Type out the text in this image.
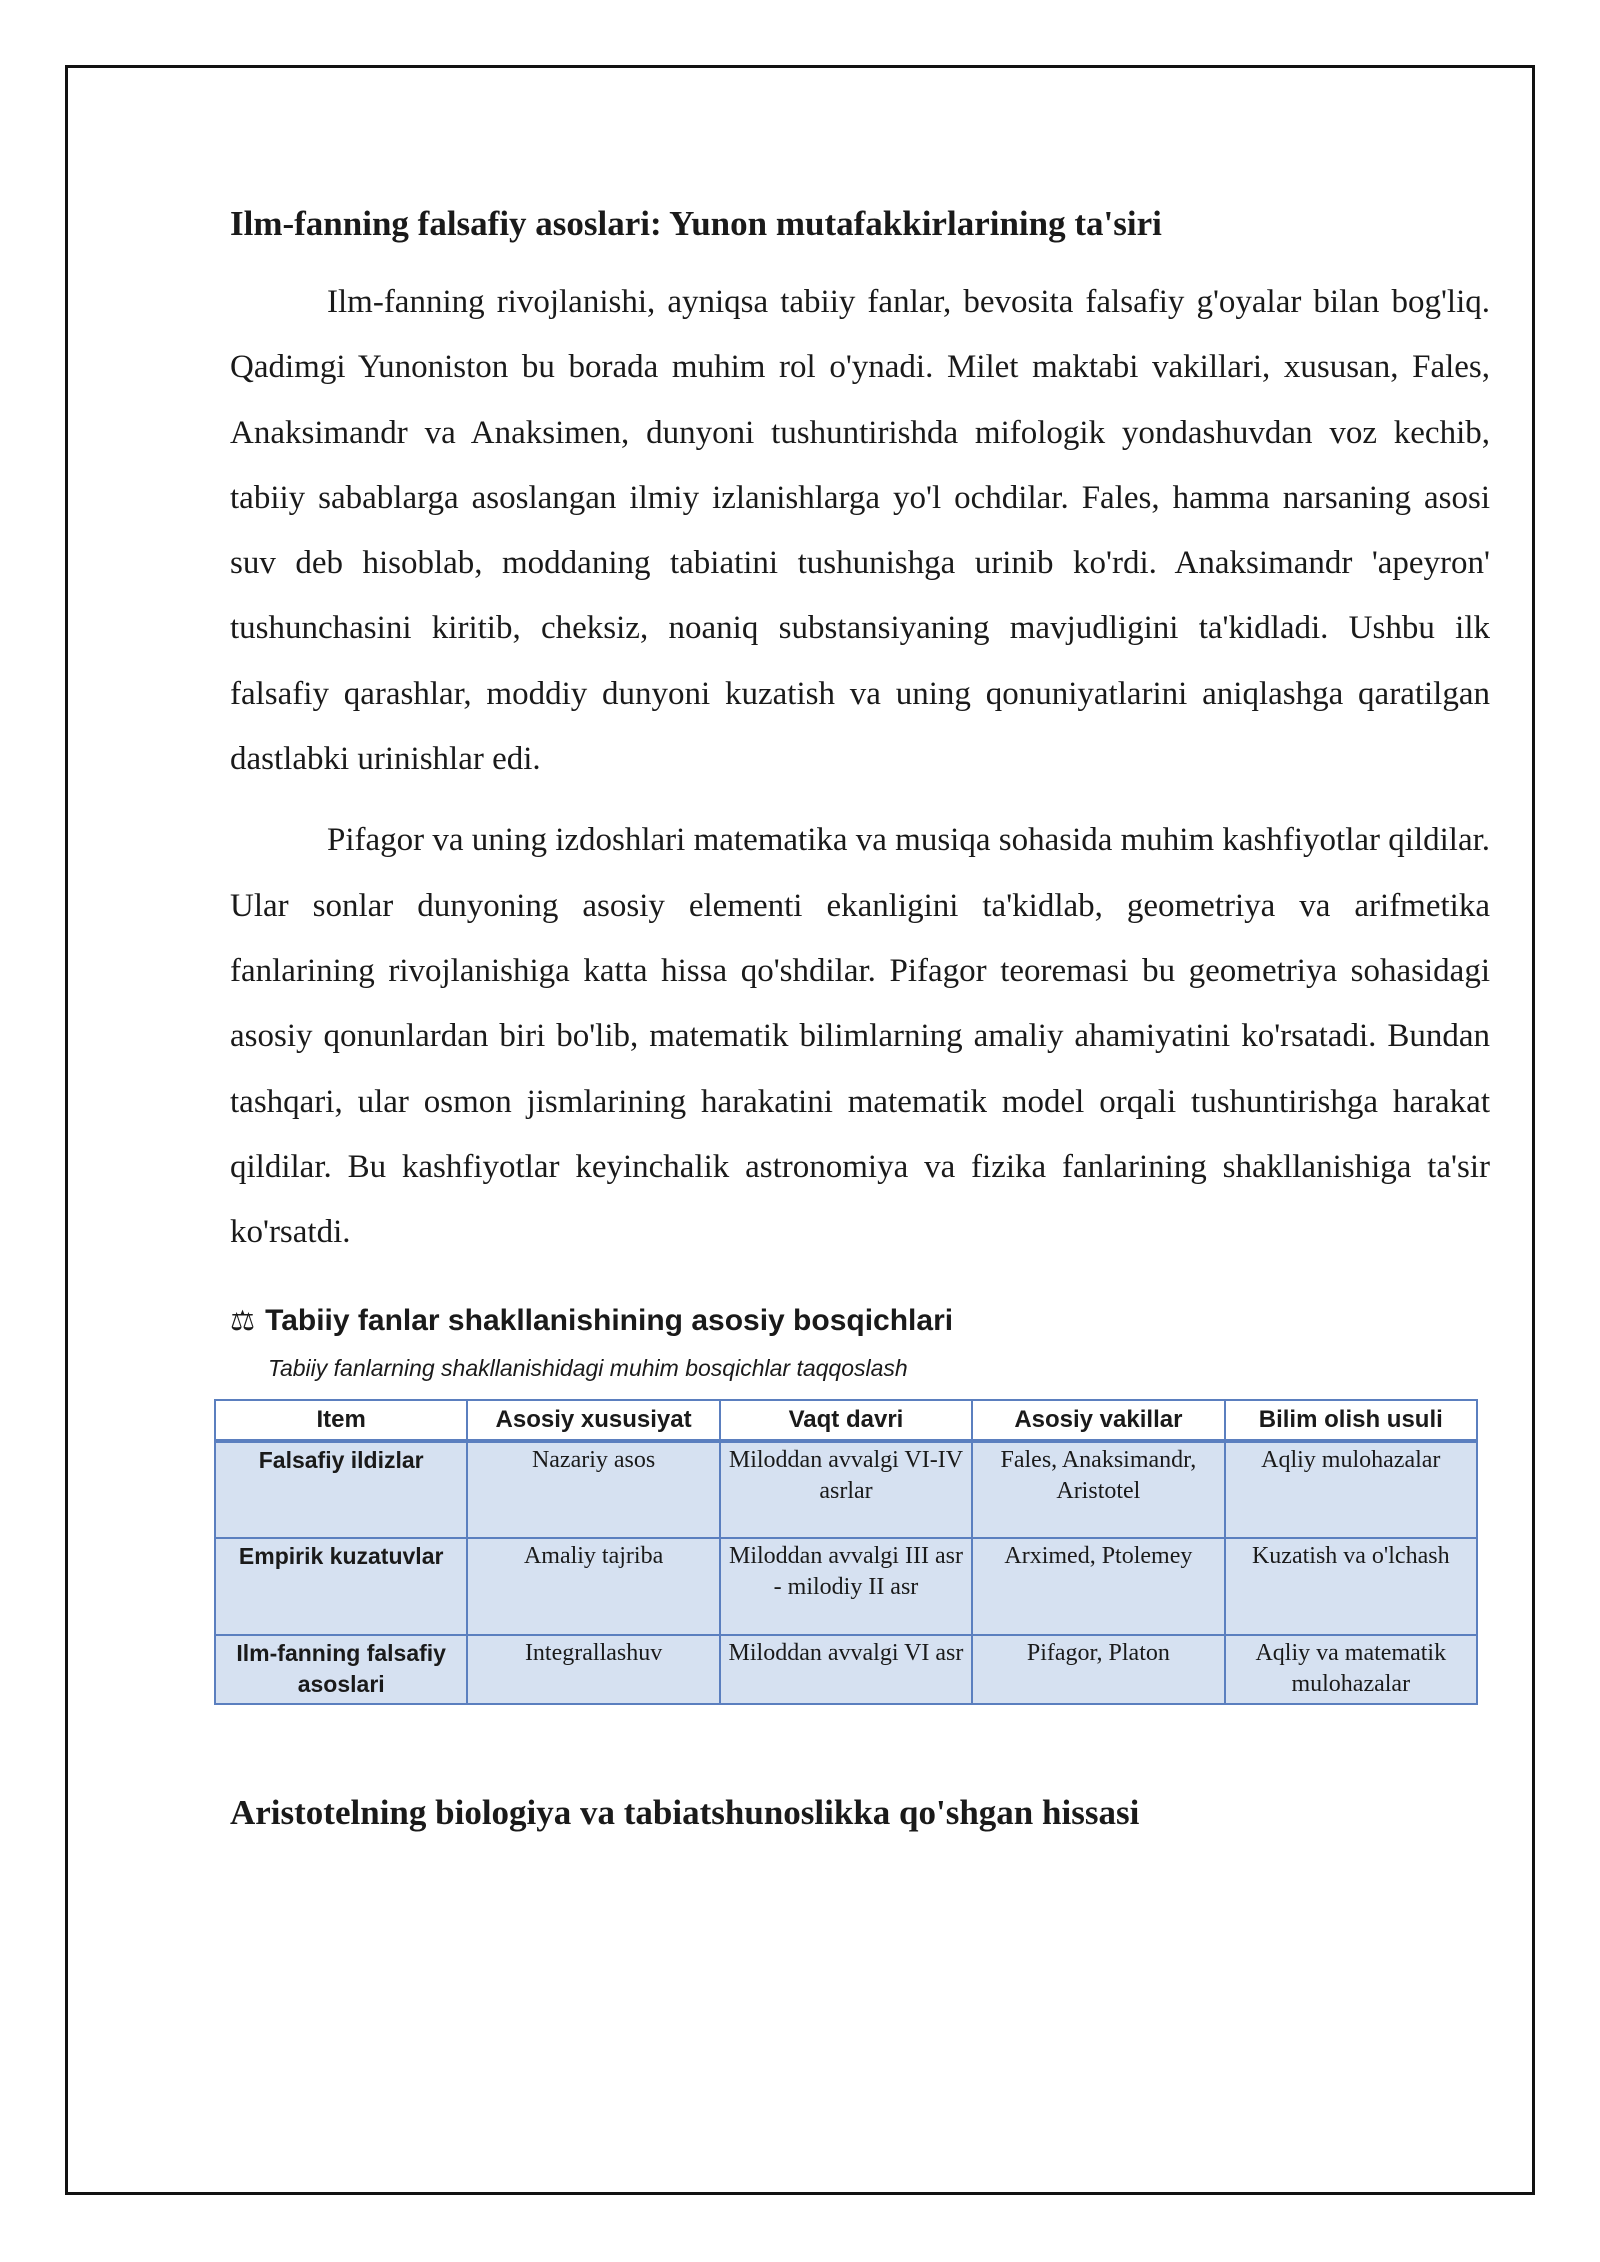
Ilm-fanning falsafiy asoslari: Yunon mutafakkirlarining ta'siri

Ilm-fanning rivojlanishi, ayniqsa tabiiy fanlar, bevosita falsafiy g'oyalar bilan bog'liq. Qadimgi Yunoniston bu borada muhim rol o'ynadi. Milet maktabi vakillari, xususan, Fales, Anaksimandr va Anaksimen, dunyoni tushuntirishda mifologik yondashuvdan voz kechib, tabiiy sabablarga asoslangan ilmiy izlanishlarga yo'l ochdilar. Fales, hamma narsaning asosi suv deb hisoblab, moddaning tabiatini tushunishga urinib ko'rdi. Anaksimandr 'apeyron' tushunchasini kiritib, cheksiz, noaniq substansiyaning mavjudligini ta'kidladi. Ushbu ilk falsafiy qarashlar, moddiy dunyoni kuzatish va uning qonuniyatlarini aniqlashga qaratilgan dastlabki urinishlar edi.

Pifagor va uning izdoshlari matematika va musiqa sohasida muhim kashfiyotlar qildilar. Ular sonlar dunyoning asosiy elementi ekanligini ta'kidlab, geometriya va arifmetika fanlarining rivojlanishiga katta hissa qo'shdilar. Pifagor teoremasi bu geometriya sohasidagi asosiy qonunlardan biri bo'lib, matematik bilimlarning amaliy ahamiyatini ko'rsatadi. Bundan tashqari, ular osmon jismlarining harakatini matematik model orqali tushuntirishga harakat qildilar. Bu kashfiyotlar keyinchalik astronomiya va fizika fanlarining shakllanishiga ta'sir ko'rsatdi.

⚖ Tabiiy fanlar shakllanishining asosiy bosqichlari
Tabiiy fanlarning shakllanishidagi muhim bosqichlar taqqoslash
Item	Asosiy xususiyat	Vaqt davri	Asosiy vakillar	Bilim olish usuli
Falsafiy ildizlar	Nazariy asos	Miloddan avvalgi VI-IV asrlar	Fales, Anaksimandr, Aristotel	Aqliy mulohazalar
Empirik kuzatuvlar	Amaliy tajriba	Miloddan avvalgi III asr - milodiy II asr	Arximed, Ptolemey	Kuzatish va o'lchash
Ilm-fanning falsafiy asoslari	Integrallashuv	Miloddan avvalgi VI asr	Pifagor, Platon	Aqliy va matematik mulohazalar
Aristotelning biologiya va tabiatshunoslikka qo'shgan hissasi
